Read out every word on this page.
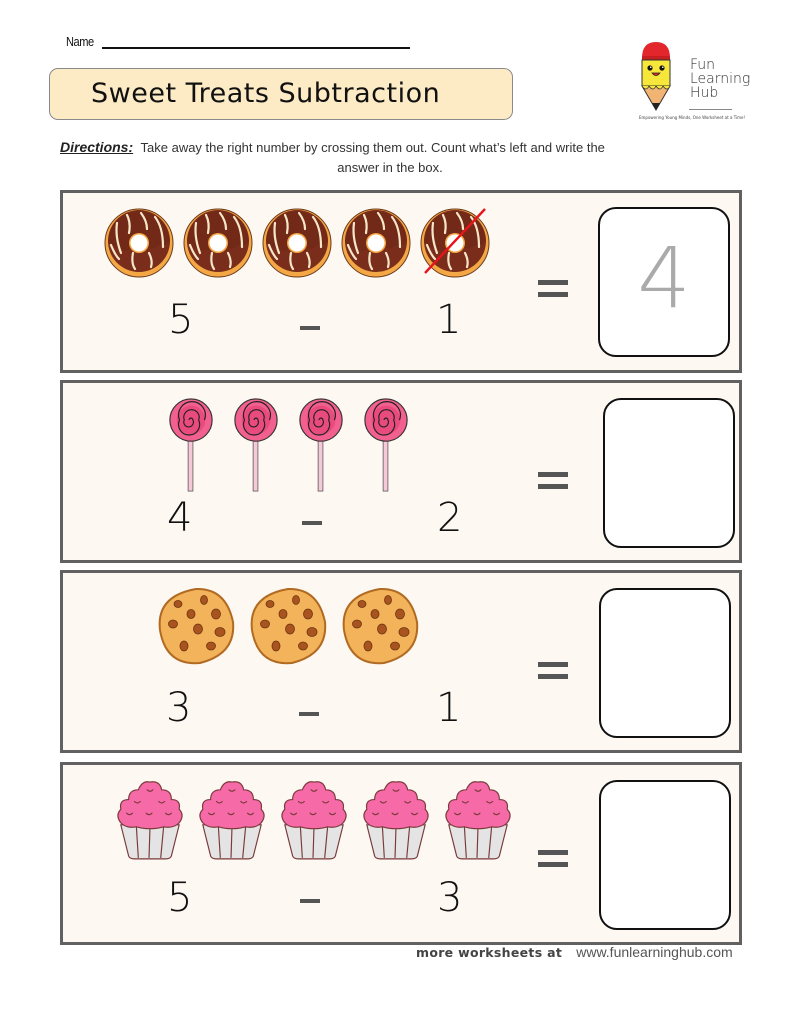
Name
Sweet Treats Subtraction
Fun
Learning
Hub
Empowering Young Minds, One Worksheet at a Time!
Directions: Take away the right number by crossing them out. Count what’s left and write the
answer in the box.
5	1	4
4	2
3	1
5	3
more worksheets at www.funlearninghub.com
